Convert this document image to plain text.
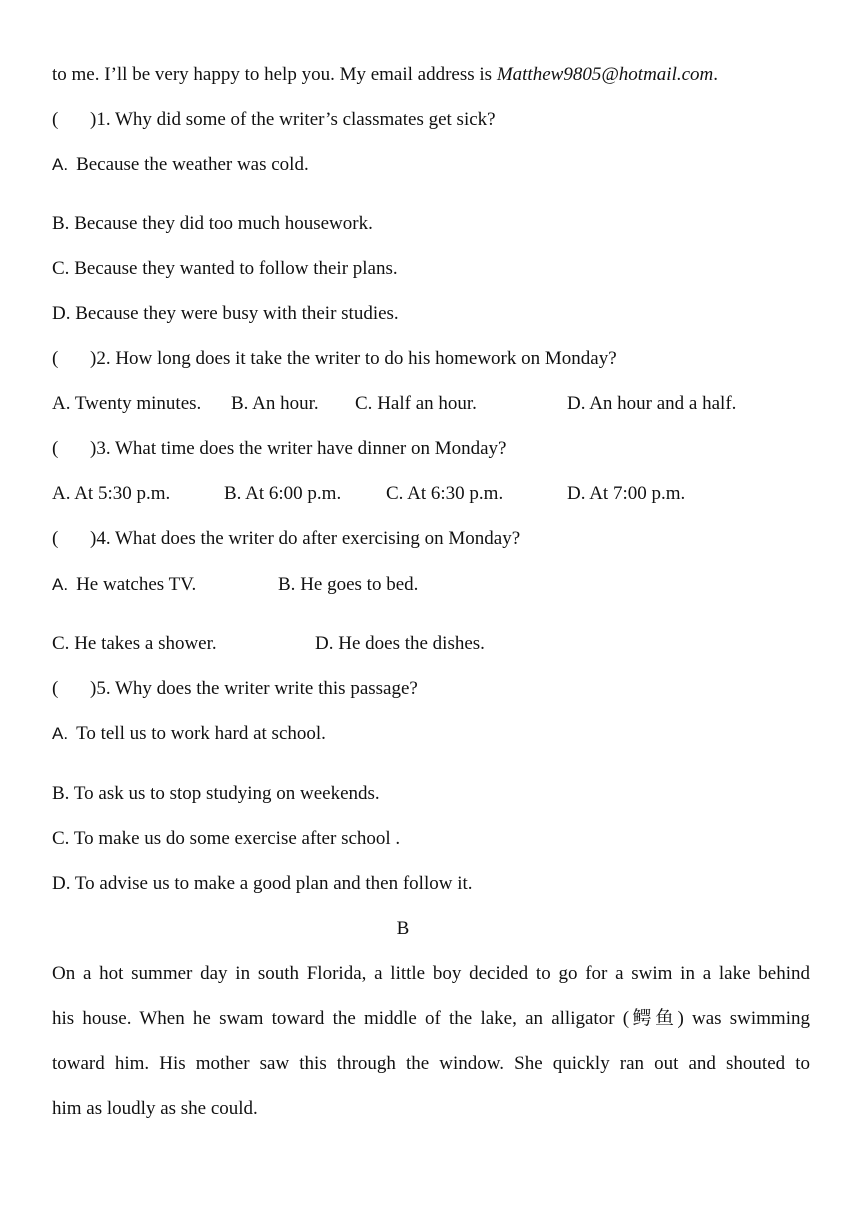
to me. I’ll be very happy to help you. My email address is Matthew9805@hotmail.com.
( )1. Why did some of the writer’s classmates get sick?
A. Because the weather was cold.
B. Because they did too much housework.
C. Because they wanted to follow their plans.
D. Because they were busy with their studies.
( )2. How long does it take the writer to do his homework on Monday?
A. Twenty minutes. B. An hour. C. Half an hour.	D. An hour and a half.
( )3. What time does the writer have dinner on Monday?
A. At 5:30 p.m.	B. At 6:00 p.m. C. At 6:30 p.m.	D. At 7:00 p.m.
( )4. What does the writer do after exercising on Monday?
A. He watches TV.	B. He goes to bed.
C. He takes a shower.	D. He does the dishes.
( )5. Why does the writer write this passage?
A. To tell us to work hard at school.
B. To ask us to stop studying on weekends.
C. To make us do some exercise after school .
D. To advise us to make a good plan and then follow it.
B
On a hot summer day in south Florida, a little boy decided to go for a swim in a lake behind
his house. When he swam toward the middle of the lake, an alligator (鳄鱼) was swimming
toward him. His mother saw this through the window. She quickly ran out and shouted to
him as loudly as she could.
